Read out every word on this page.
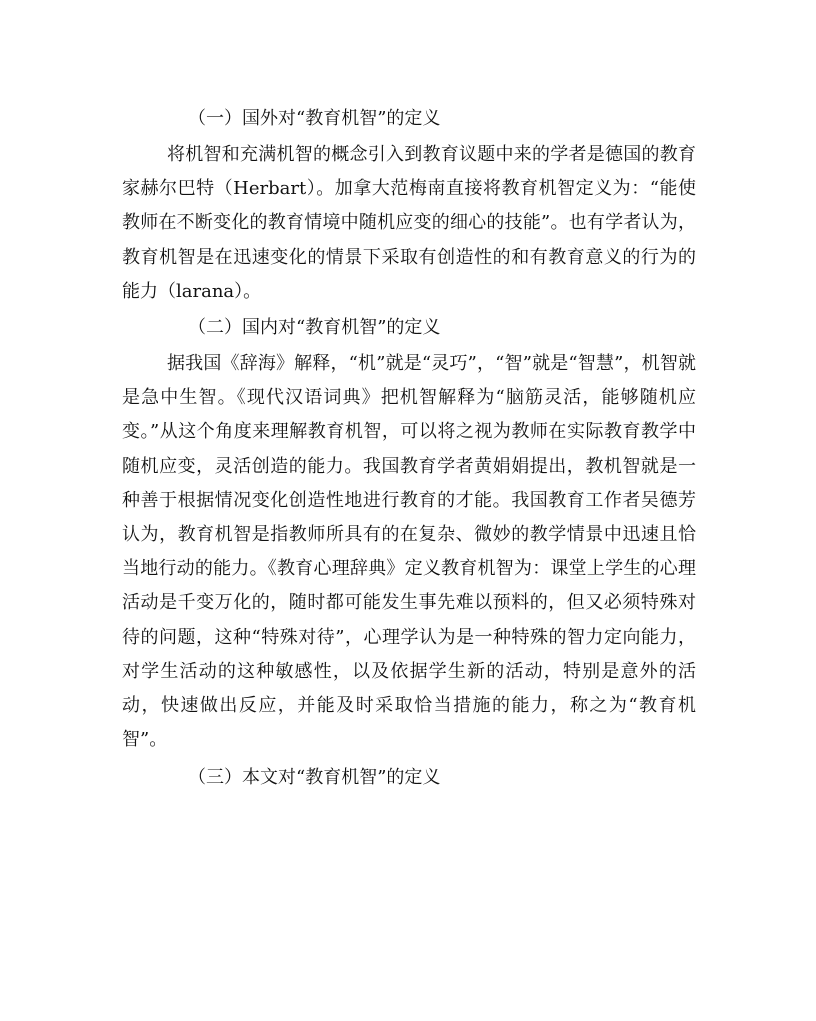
（一）国外对“教育机智”的定义

将机智和充满机智的概念引入到教育议题中来的学者是德国的教育家赫尔巴特（Herbart）。加拿大范梅南直接将教育机智定义为：“能使教师在不断变化的教育情境中随机应变的细心的技能”。也有学者认为，教育机智是在迅速变化的情景下采取有创造性的和有教育意义的行为的能力（larana）。

（二）国内对“教育机智”的定义

据我国《辞海》解释，“机”就是“灵巧”，“智”就是“智慧”，机智就是急中生智。《现代汉语词典》把机智解释为“脑筋灵活，能够随机应变。”从这个角度来理解教育机智，可以将之视为教师在实际教育教学中随机应变，灵活创造的能力。我国教育学者黄娟娟提出，教机智就是一种善于根据情况变化创造性地进行教育的才能。我国教育工作者吴德芳认为，教育机智是指教师所具有的在复杂、微妙的教学情景中迅速且恰当地行动的能力。《教育心理辞典》定义教育机智为：课堂上学生的心理活动是千变万化的，随时都可能发生事先难以预料的，但又必须特殊对待的问题，这种“特殊对待”，心理学认为是一种特殊的智力定向能力，对学生活动的这种敏感性，以及依据学生新的活动，特别是意外的活动，快速做出反应，并能及时采取恰当措施的能力，称之为“教育机智”。

（三）本文对“教育机智”的定义
